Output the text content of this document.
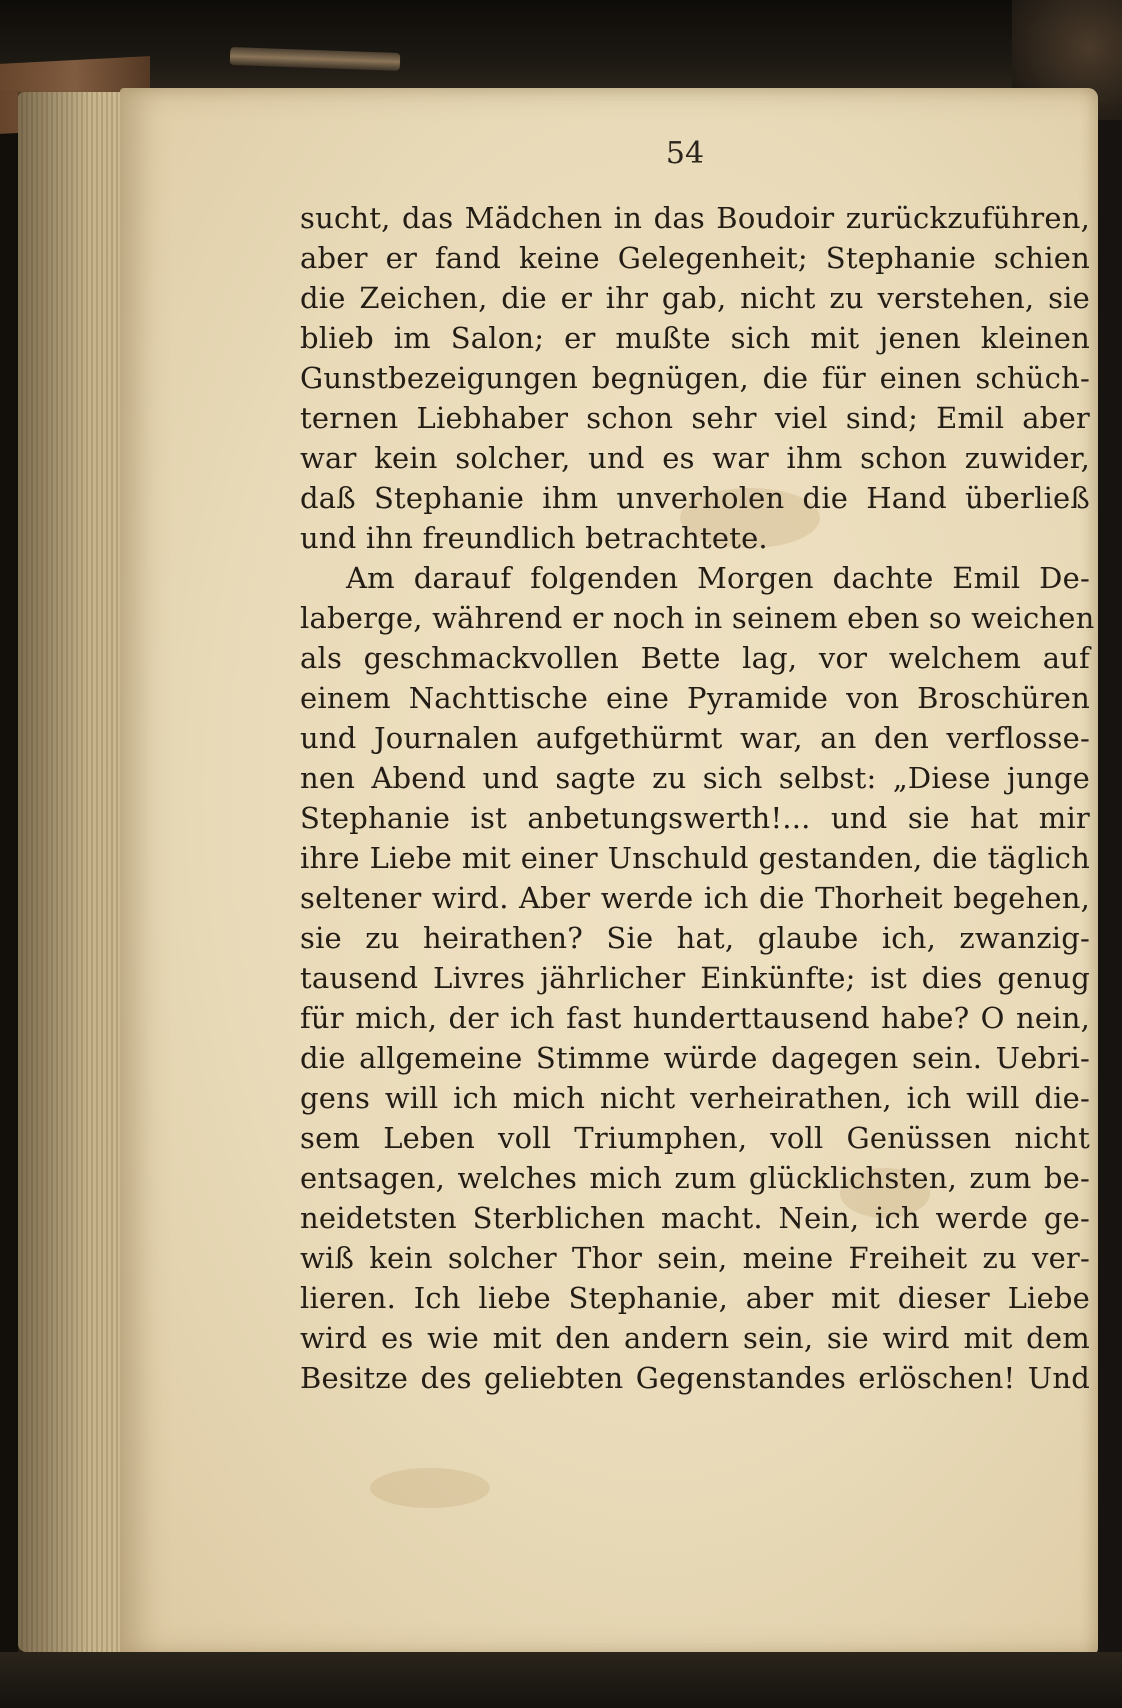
54
sucht, das Mädchen in das Boudoir zurückzuführen,
aber er fand keine Gelegenheit; Stephanie schien
die Zeichen, die er ihr gab, nicht zu verstehen, sie
blieb im Salon; er mußte sich mit jenen kleinen
Gunstbezeigungen begnügen, die für einen schüch-
ternen Liebhaber schon sehr viel sind; Emil aber
war kein solcher, und es war ihm schon zuwider,
daß Stephanie ihm unverholen die Hand überließ
und ihn freundlich betrachtete.
Am darauf folgenden Morgen dachte Emil De-
laberge, während er noch in seinem eben so weichen
als geschmackvollen Bette lag, vor welchem auf
einem Nachttische eine Pyramide von Broschüren
und Journalen aufgethürmt war, an den verflosse-
nen Abend und sagte zu sich selbst: „Diese junge
Stephanie ist anbetungswerth!... und sie hat mir
ihre Liebe mit einer Unschuld gestanden, die täglich
seltener wird. Aber werde ich die Thorheit begehen,
sie zu heirathen? Sie hat, glaube ich, zwanzig-
tausend Livres jährlicher Einkünfte; ist dies genug
für mich, der ich fast hunderttausend habe? O nein,
die allgemeine Stimme würde dagegen sein. Uebri-
gens will ich mich nicht verheirathen, ich will die-
sem Leben voll Triumphen, voll Genüssen nicht
entsagen, welches mich zum glücklichsten, zum be-
neidetsten Sterblichen macht. Nein, ich werde ge-
wiß kein solcher Thor sein, meine Freiheit zu ver-
lieren. Ich liebe Stephanie, aber mit dieser Liebe
wird es wie mit den andern sein, sie wird mit dem
Besitze des geliebten Gegenstandes erlöschen! Und
